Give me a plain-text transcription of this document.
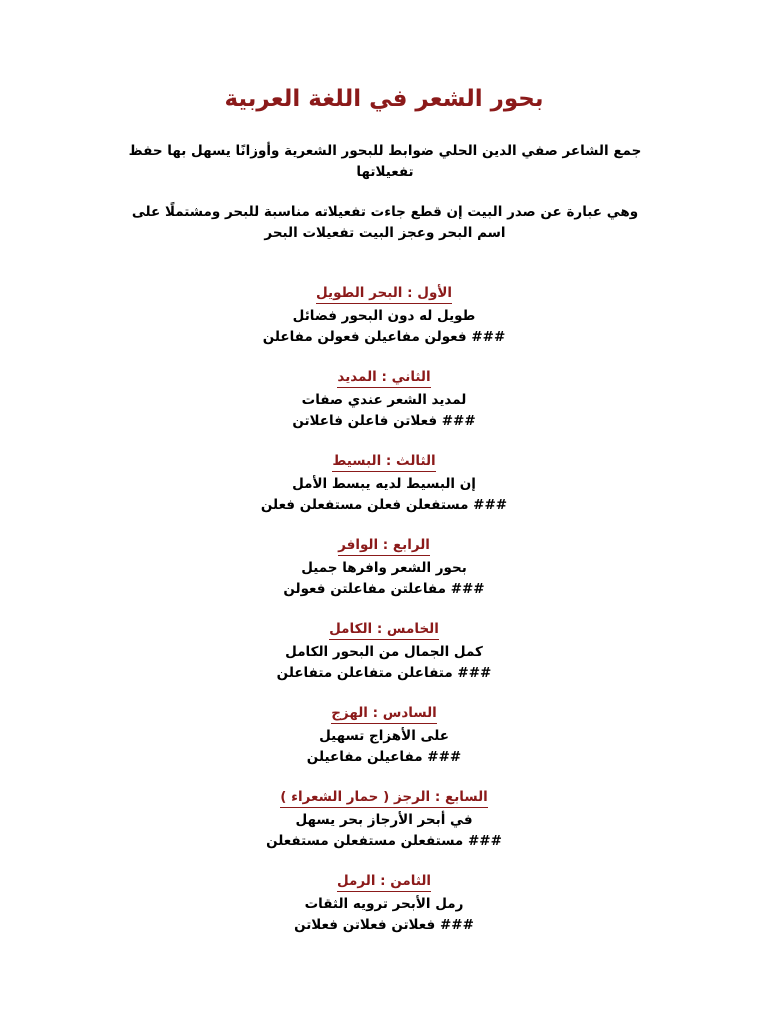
بحور الشعر في اللغة العربية

جمع الشاعر صفي الدين الحلي ضوابط للبحور الشعرية وأوزانًا يسهل بها حفظ تفعيلاتها

وهي عبارة عن صدر البيت إن قطع جاءت تفعيلاته مناسبة للبحر ومشتملًا على اسم البحر وعجز البيت تفعيلات البحر

الأول : البحر الطويل
طويل له دون البحور فضائل
### فعولن مفاعيلن فعولن مفاعلن
الثاني : المديد
لمديد الشعر عندي صفات
### فعلاتن فاعلن فاعلاتن
الثالث : البسيط
إن البسيط لديه يبسط الأمل
### مستفعلن فعلن مستفعلن فعلن
الرابع : الوافر
بحور الشعر وافرها جميل
### مفاعلتن مفاعلتن فعولن
الخامس : الكامل
كمل الجمال من البحور الكامل
### متفاعلن متفاعلن متفاعلن
السادس : الهزج
على الأهزاج تسهيل
### مفاعيلن مفاعيلن
السابع : الرجز ( حمار الشعراء )
في أبحر الأرجاز بحر يسهل
### مستفعلن مستفعلن مستفعلن
الثامن : الرمل
رمل الأبحر ترويه الثقات
### فعلاتن فعلاتن فعلاتن
